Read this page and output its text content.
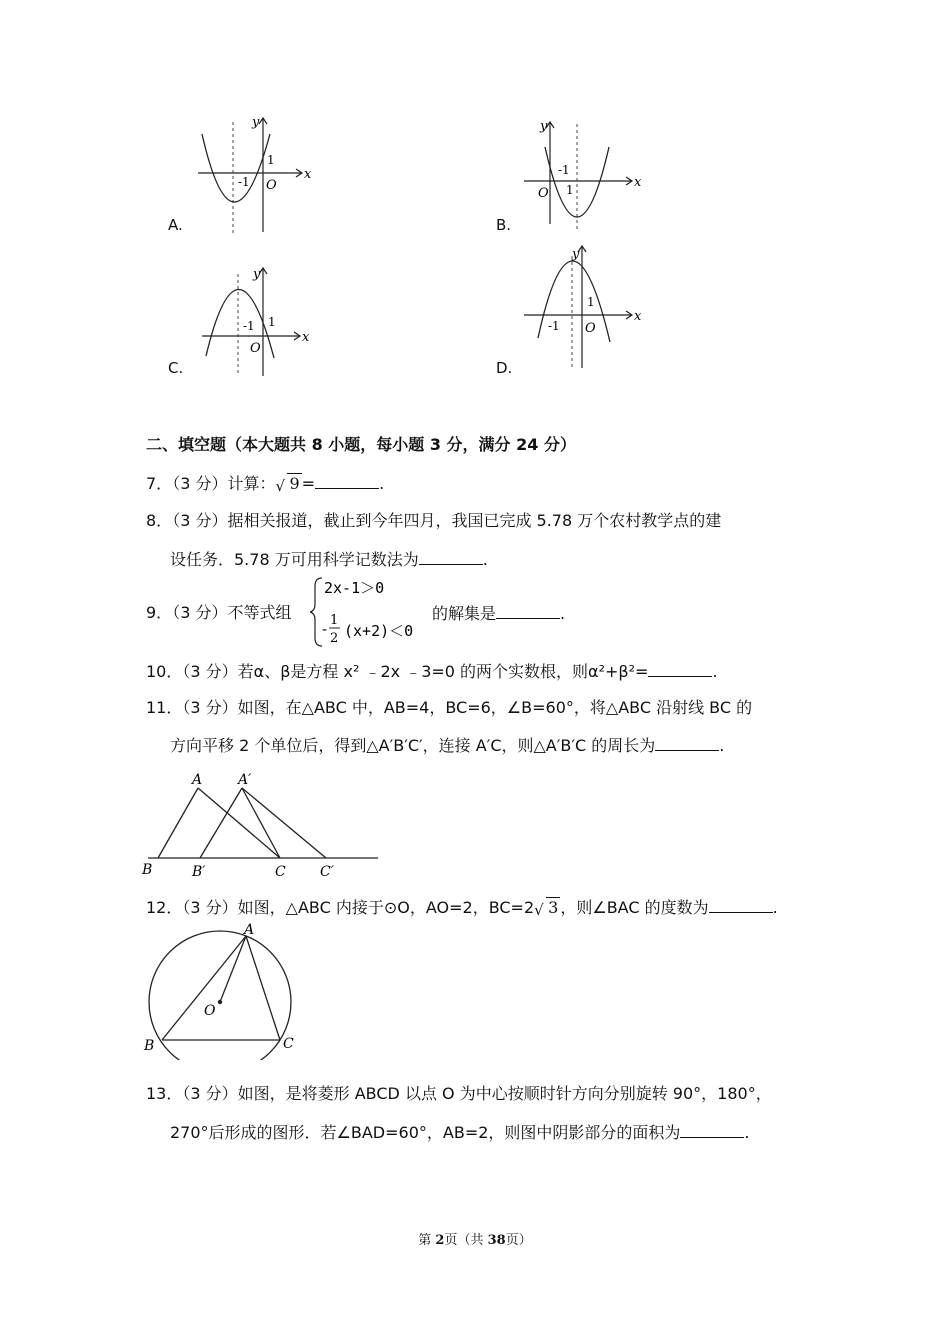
A.
x
y
O
1
-1
B.
x
y
O
-1
1
C.
x
y
O
1
-1
D.
x
y
O
1
-1
二、填空题（本大题共 8 小题，每小题 3 分，满分 24 分）
7．（3 分）计算： √ 9 =	.
8．（3 分）据相关报道，截止到今年四月，我国已完成 5.78 万个农村教学点的建
设任务．5.78 万可用科学记数法为	.
9．（3 分）不等式组
2x-1＞0
- 1
2 (x+2)＜0
的解集是	.
10．（3 分）若α、β是方程 x² ﹣2x ﹣3=0 的两个实数根，则α²+β²=	.
11．（3 分）如图，在△ABC 中，AB=4，BC=6，∠B=60°，将△ABC 沿射线 BC 的
方向平移 2 个单位后，得到△A′B′C′，连接 A′C，则△A′B′C 的周长为	.
A	A′
B	B′	C C′
12．（3 分）如图，△ABC 内接于⊙O，AO=2，BC=2 √ 3 ，则∠BAC 的度数为	.
A
B	C
O
13．（3 分）如图，是将菱形 ABCD 以点 O 为中心按顺时针方向分别旋转 90°，180°，
270°后形成的图形．若∠BAD=60°，AB=2，则图中阴影部分的面积为	.
第 2页（共 38页）
